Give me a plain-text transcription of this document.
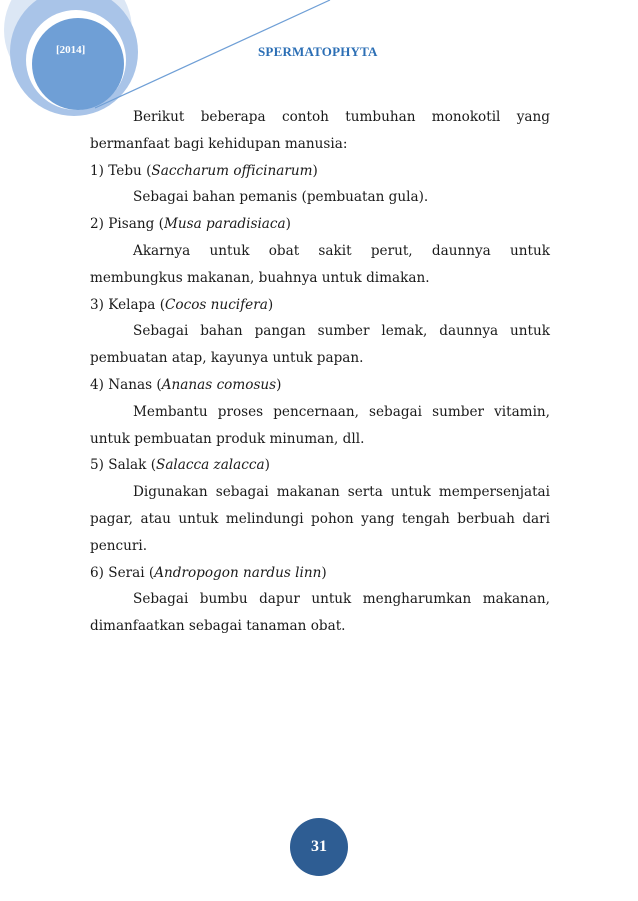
[2014]	SPERMATOPHYTA

Berikut beberapa contoh tumbuhan monokotil yang bermanfaat bagi kehidupan manusia:

1) Tebu (Saccharum officinarum)

Sebagai bahan pemanis (pembuatan gula).

2) Pisang (Musa paradisiaca)

Akarnya untuk obat sakit perut, daunnya untuk membungkus makanan, buahnya untuk dimakan.

3) Kelapa (Cocos nucifera)

Sebagai bahan pangan sumber lemak, daunnya untuk pembuatan atap, kayunya untuk papan.

4) Nanas (Ananas comosus)

Membantu proses pencernaan, sebagai sumber vitamin, untuk pembuatan produk minuman, dll.

5) Salak (Salacca zalacca)

Digunakan sebagai makanan serta untuk mempersenjatai pagar, atau untuk melindungi pohon yang tengah berbuah dari pencuri.

6) Serai (Andropogon nardus linn)

Sebagai bumbu dapur untuk mengharumkan makanan, dimanfaatkan sebagai tanaman obat.

31
